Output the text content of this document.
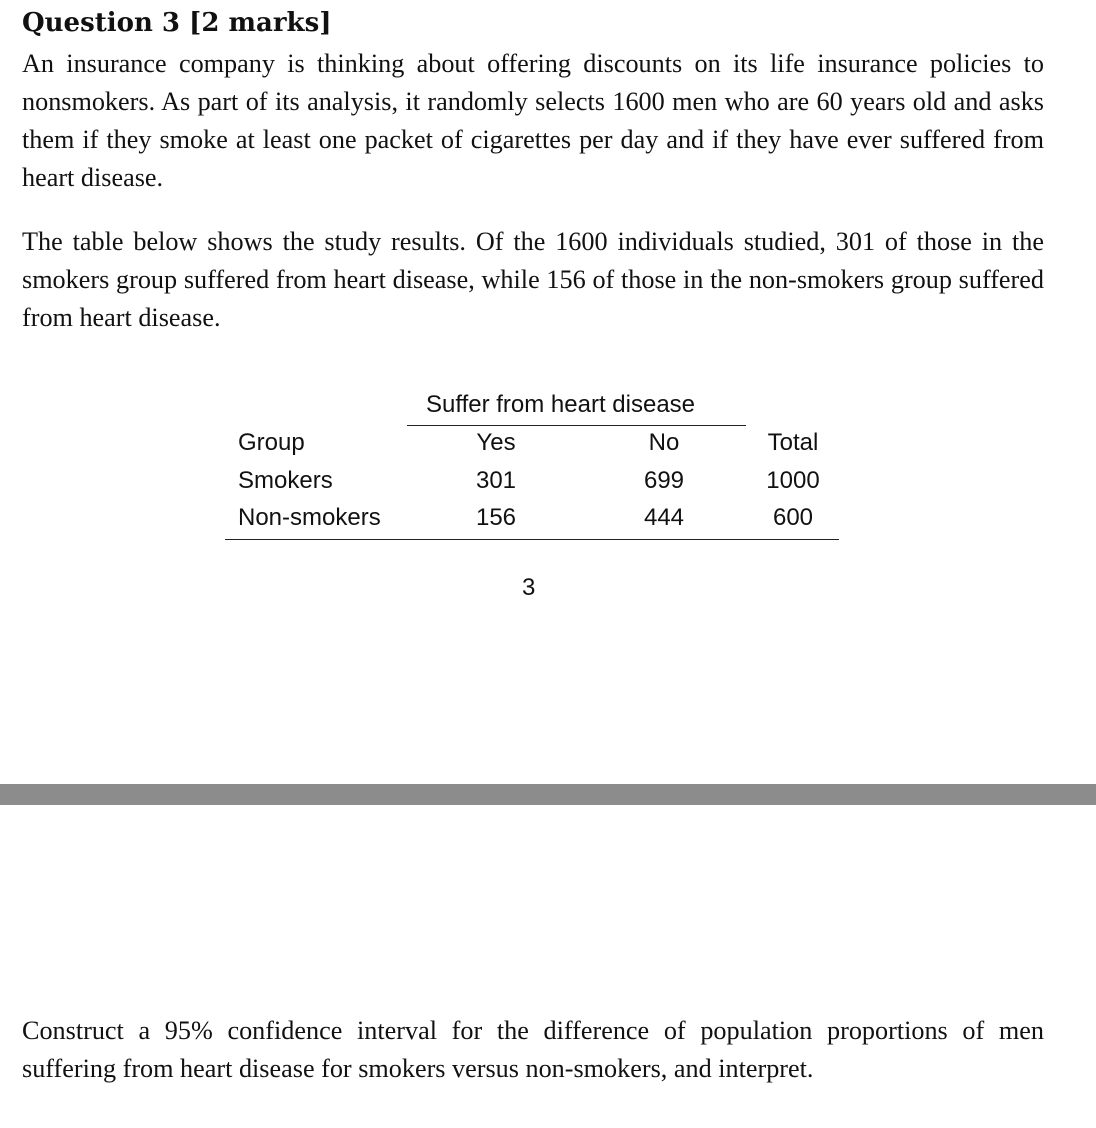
Question 3 [2 marks]

An insurance company is thinking about offering discounts on its life insurance policies to nonsmokers. As part of its analysis, it randomly selects 1600 men who are 60 years old and asks them if they smoke at least one packet of cigarettes per day and if they have ever suffered from heart disease.

The table below shows the study results. Of the 1600 individuals studied, 301 of those in the smokers group suffered from heart disease, while 156 of those in the non-smokers group suffered from heart disease.

Suffer from heart disease
Group	Yes	No	Total
Smokers	301	699	1000
Non-smokers	156	444	600
3

Construct a 95% confidence interval for the difference of population proportions of men suffering from heart disease for smokers versus non-smokers, and interpret.
